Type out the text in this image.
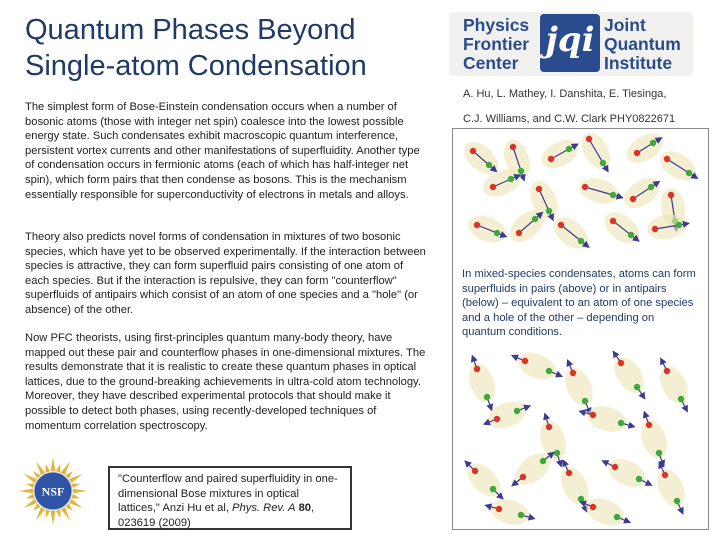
Quantum Phases Beyond
Single-atom Condensation

The simplest form of Bose-Einstein condensation occurs when a number of bosonic atoms (those with integer net spin) coalesce into the lowest possible energy state. Such condensates exhibit macroscopic quantum interference, persistent vortex currents and other manifestations of superfluidity. Another type of condensation occurs in fermionic atoms (each of which has half-integer net spin), which form pairs that then condense as bosons. This is the mechanism essentially responsible for superconductivity of electrons in metals and alloys.

Theory also predicts novel forms of condensation in mixtures of two bosonic species, which have yet to be observed experimentally. If the interaction between species is attractive, they can form superfluid pairs consisting of one atom of each species. But if the interaction is repulsive, they can form "counterflow" superfluids of antipairs which consist of an atom of one species and a "hole" (or absence) of the other.

Now PFC theorists, using first-principles quantum many-body theory, have mapped out these pair and counterflow phases in one-dimensional mixtures. The results demonstrate that it is realistic to create these quantum phases in optical lattices, due to the ground-breaking achievements in ultra-cold atom technology. Moreover, they have described experimental protocols that should make it possible to detect both phases, using recently-developed techniques of momentum correlation spectroscopy.

Physics
Frontier
Center
jqi Joint
Quantum
Institute
A. Hu, L. Mathey, I. Danshita, E. Tiesinga,
C.J. Williams, and C.W. Clark PHY0822671

In mixed-species condensates, atoms can form superfluids in pairs (above) or in antipairs (below) – equivalent to an atom of one species and a hole of the other – depending on quantum conditions.

NSF
"Counterflow and paired superfluidity in one-dimensional Bose mixtures in optical lattices," Anzi Hu et al, Phys. Rev. A 80, 023619 (2009)
